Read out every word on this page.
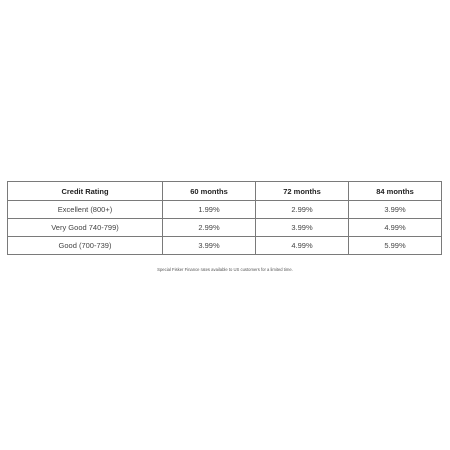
Credit Rating	60 months	72 months	84 months
Excellent (800+)	1.99%	2.99%	3.99%
Very Good 740-799)	2.99%	3.99%	4.99%
Good (700-739)	3.99%	4.99%	5.99%
Special Fisker Finance rates available to US customers for a limited time.
